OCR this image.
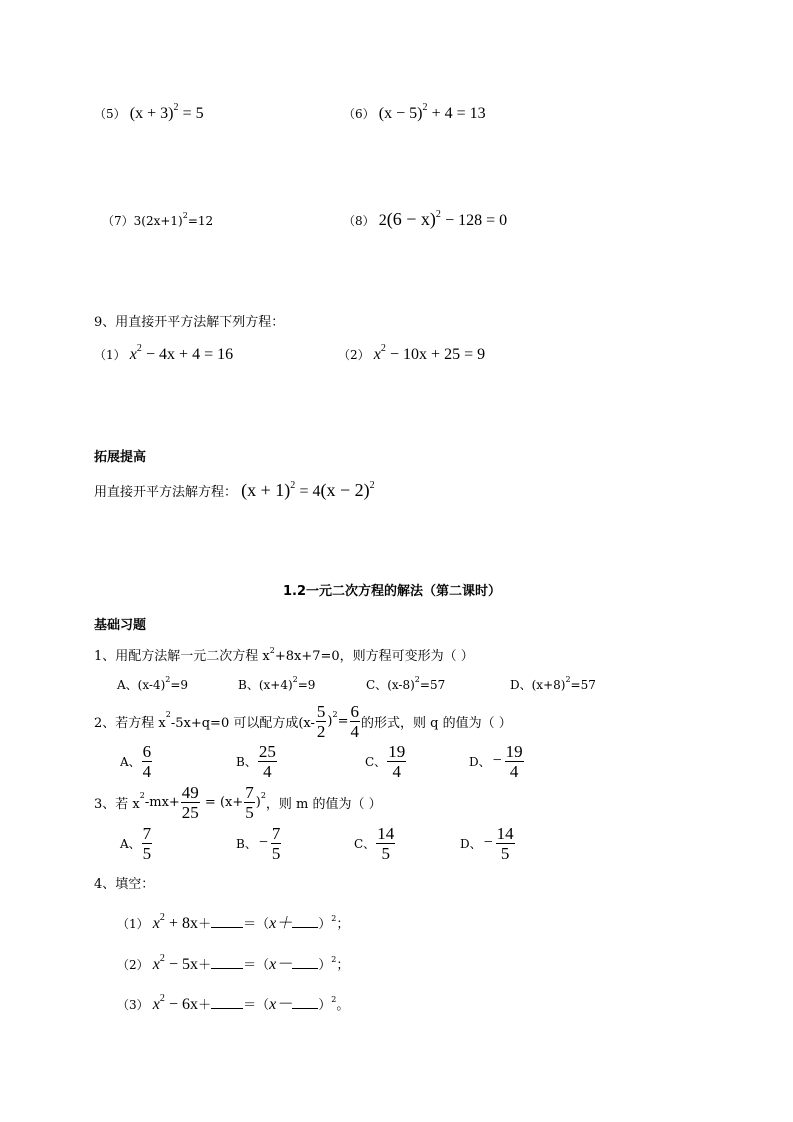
（5） $(x + 3)^2 = 5$	（6） $(x - 5)^2 + 4 = 13$
$(7)3(2x+1)^2=12$	（8） $2(6 - x)^2 - 128 = 0$
9、用直接开平方法解下列方程：
（1） $x^2 - 4x + 4 = 16$	（2） $x^2 - 10x + 25 = 9$
拓展提高
用直接开平方法解方程： $(x + 1)^2 = 4(x - 2)^2$
1.2一元二次方程的解法（第二课时）
基础习题
1、用配方法解一元二次方程 $x^2+8x+7=0$，则方程可变形为（ ）
A、$(x-4)^2=9$	B、$(x+4)^2=9$	C、$(x-8)^2=57$	D、$(x+8)^2=57$
2、若方程 x
$^2$
-5x+q=0 可以配方成$(x- \frac{5}{2} )^2 = \frac{6}{4}$ 的形式，则 q 的值为（ ）
A、 $\frac{6}{4}$	B、 $\frac{25}{4}$	C、 $\frac{19}{4}$	D、 − $\frac{19}{4}$
3、若 x
$^2$ $-mx+ \frac{49}{25} = (x+ \frac{7}{5} )^2$
，则 m 的值为（ ）
A、 $\frac{7}{5}$	B、 − $\frac{7}{5}$	C、 $\frac{14}{5}$	D、 − $\frac{14}{5}$
4、填空：
（1） $x^2 + 8x+ =(x+ )^2$；
（2） $x^2 - 5x+ =(x- )^2$；
（3） $x^2 - 6x+ =(x- )^2$。
